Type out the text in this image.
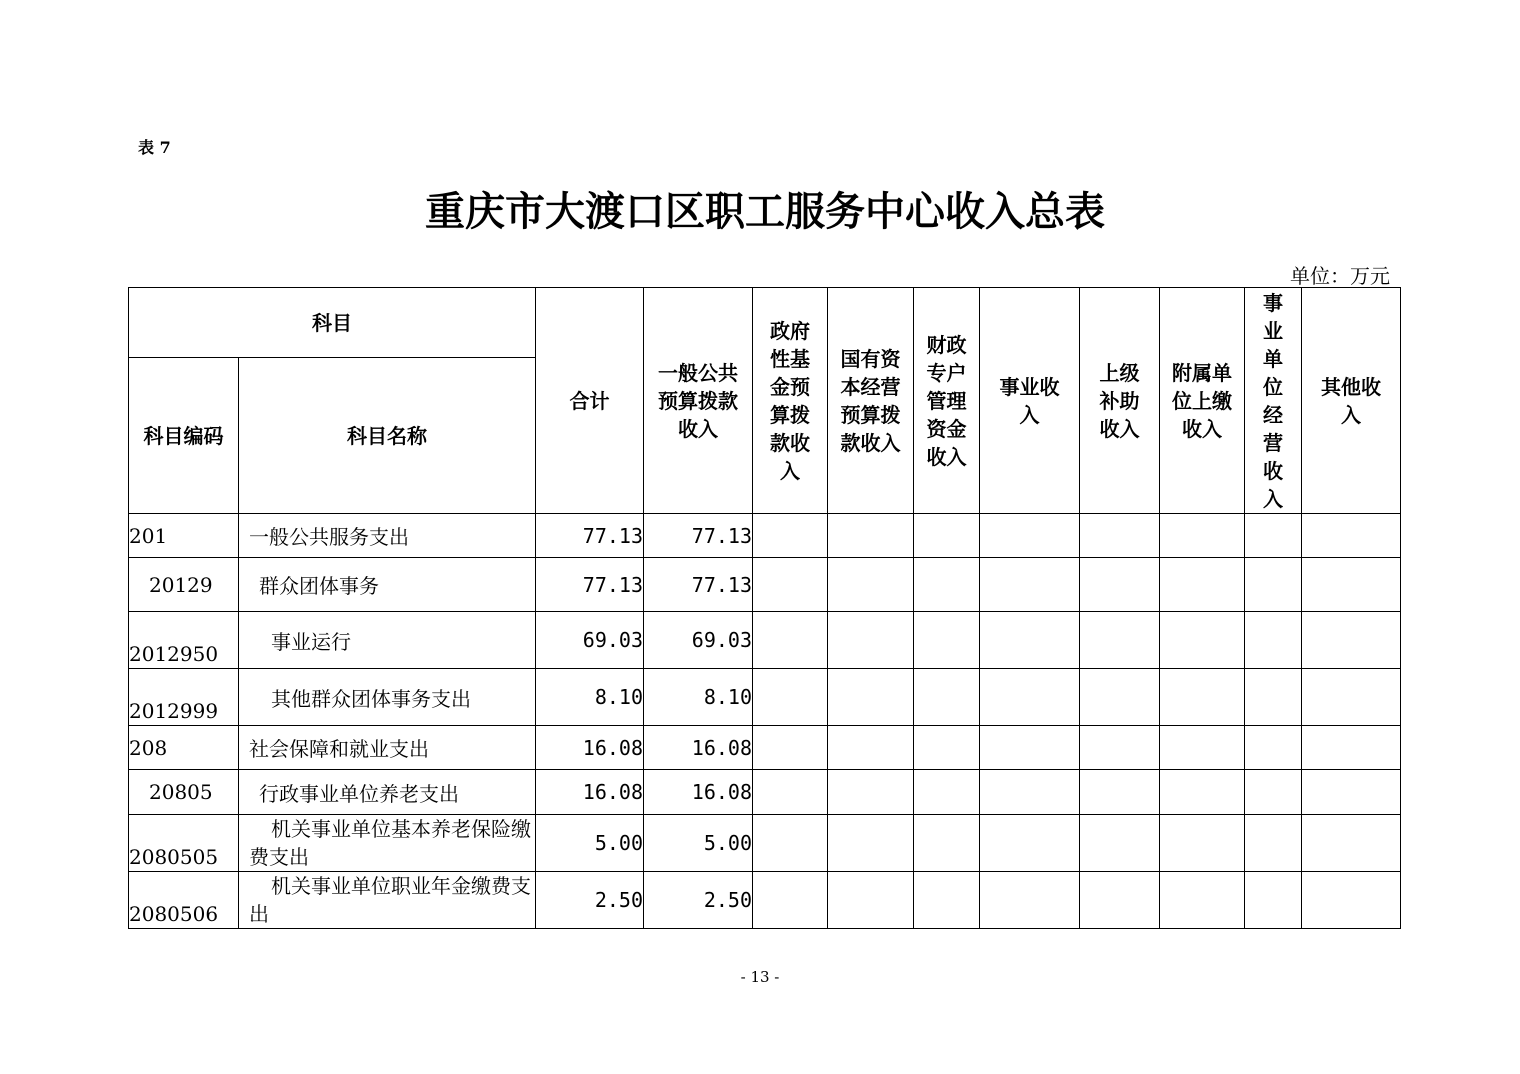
表 7
重庆市大渡口区职工服务中心收入总表
单位：万元
科目		合计	一般公共预算拨款收入	政府性基金预算拨款收入	国有资本经营预算拨款收入	财政专户管理资金收入	事业收入	上级补助收入	附属单位上缴收入	事业单位经营收入	其他收入
科目编码	科目名称										
201	一般公共服务支出	77.13	77.13								
20129	群众团体事务	77.13	77.13								
2012950	事业运行	69.03	69.03								
2012999	其他群众团体事务支出	8.10	8.10								
208	社会保障和就业支出	16.08	16.08								
20805	行政事业单位养老支出	16.08	16.08								
2080505	机关事业单位基本养老保险缴费支出	5.00	5.00								
2080506	机关事业单位职业年金缴费支出	2.50	2.50								
- 13 -
